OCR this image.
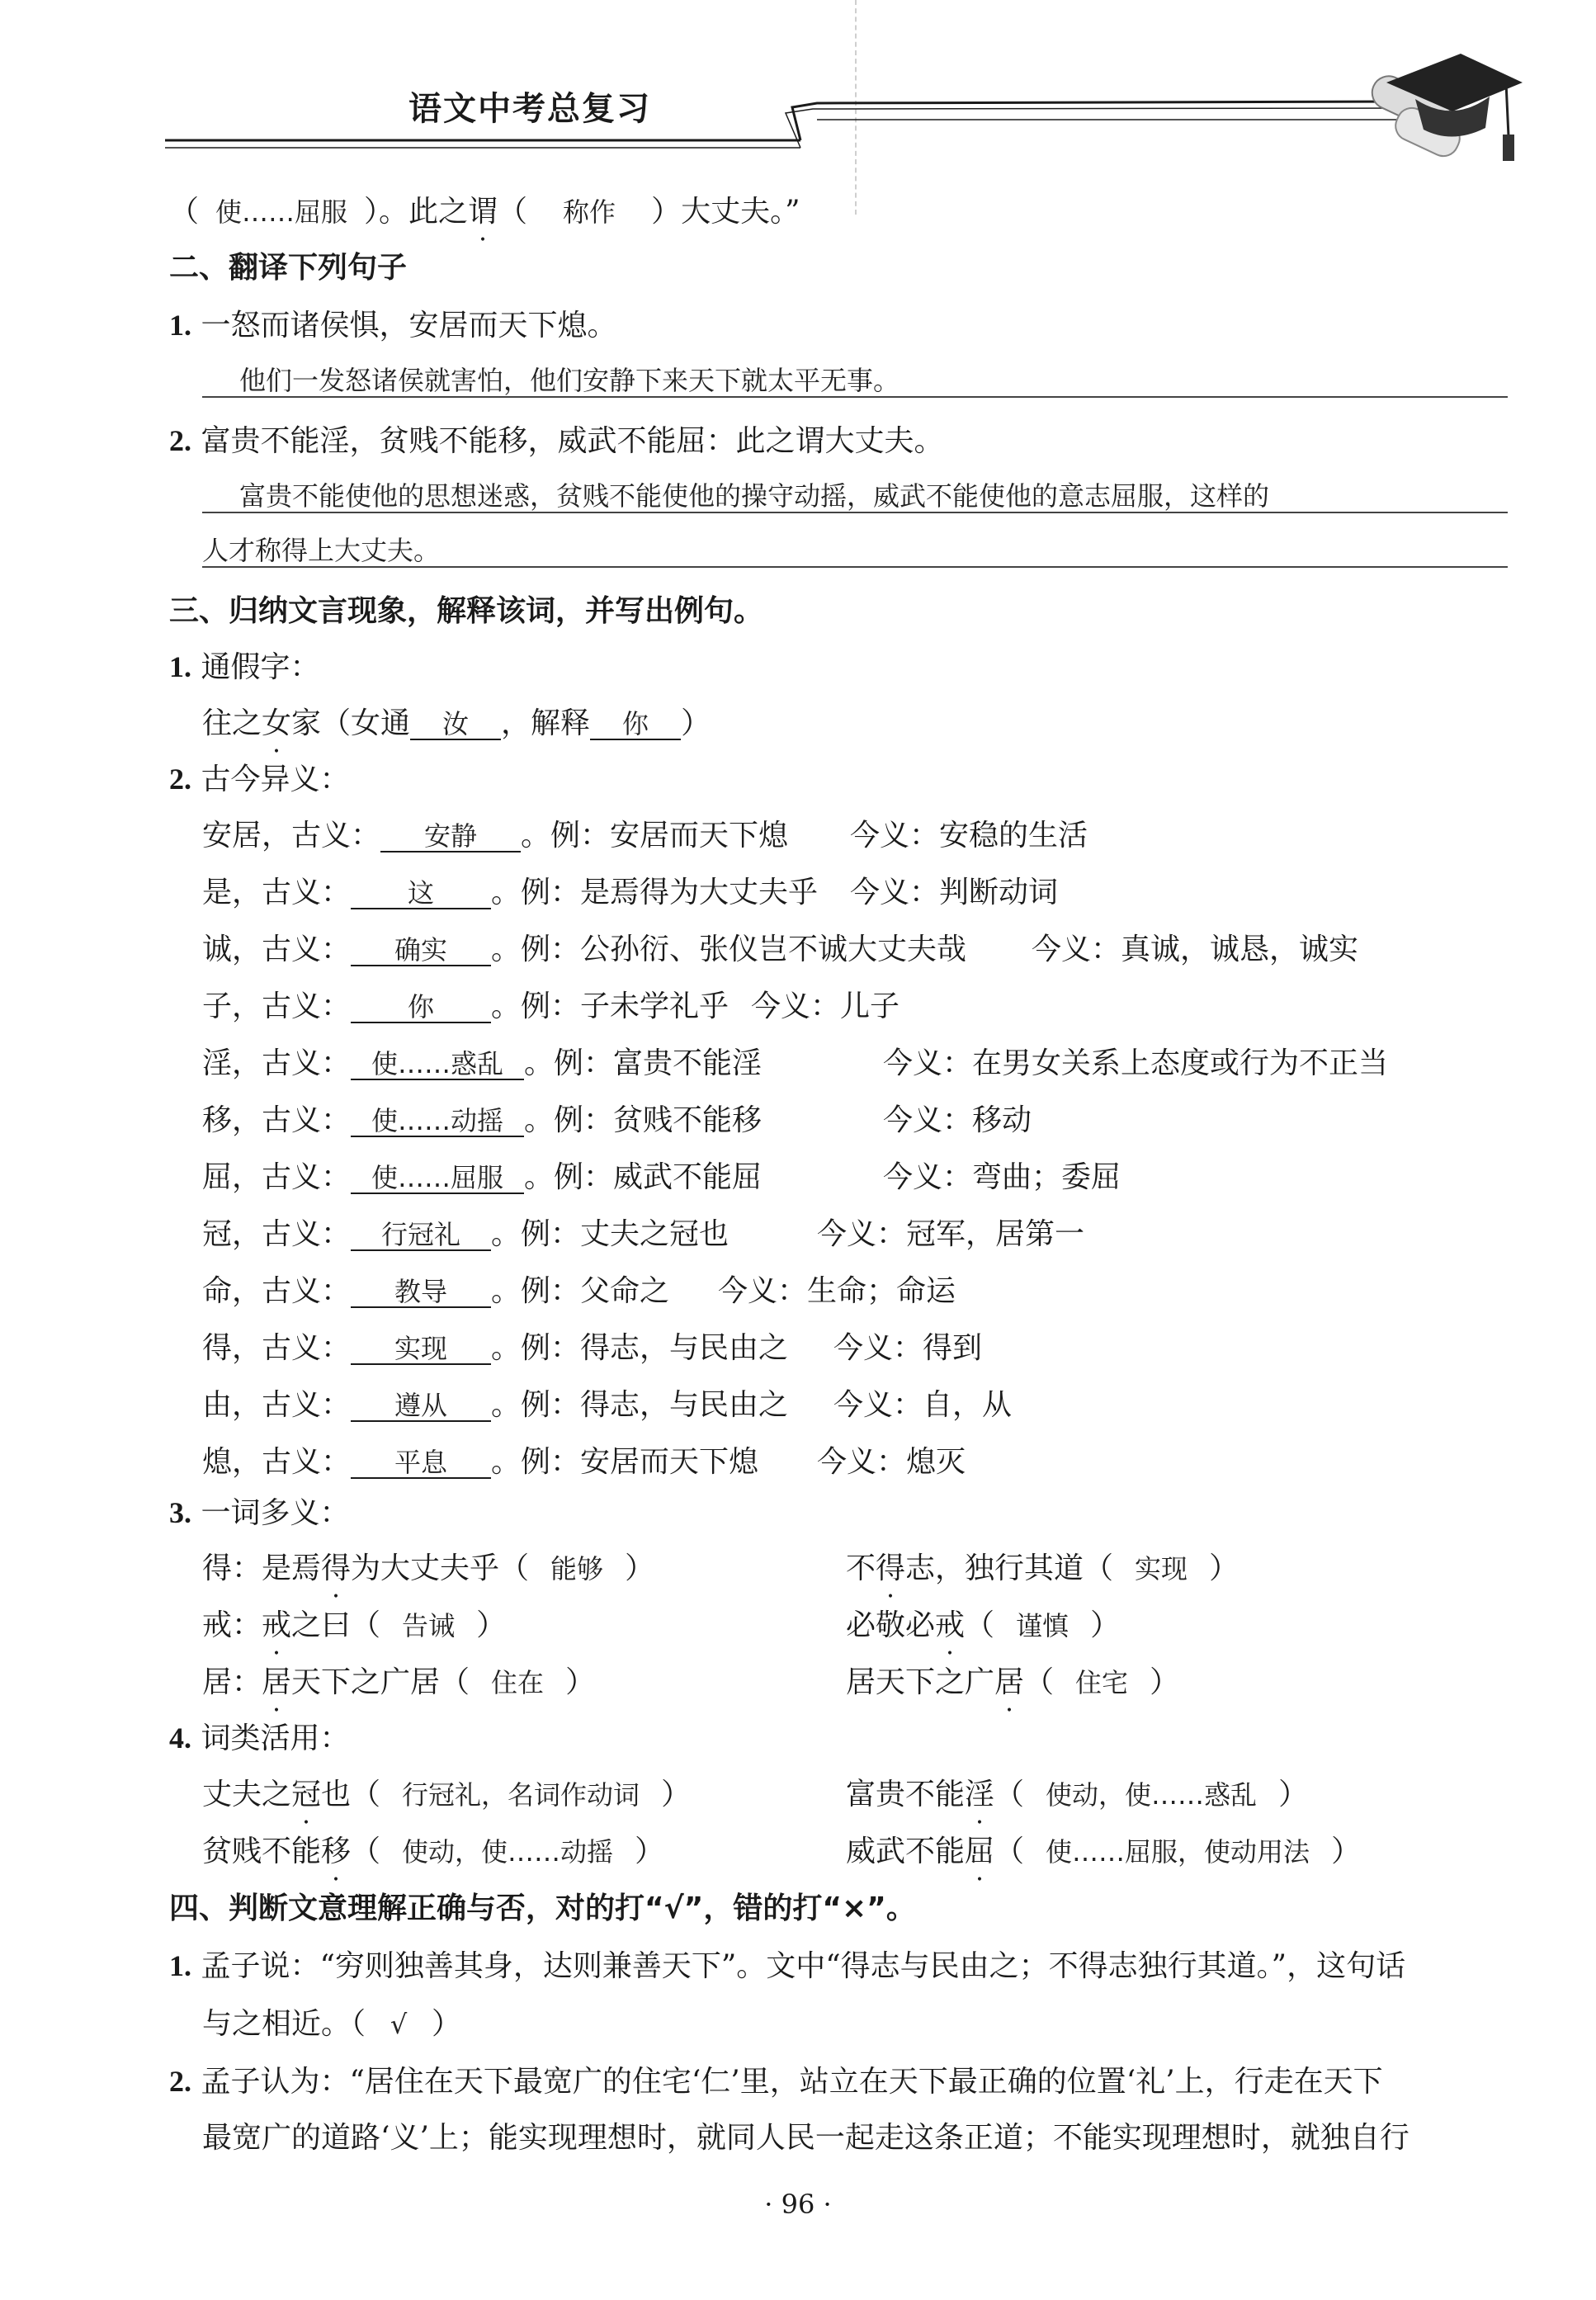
语文中考总复习
（ 使……屈服 ）。此之谓（ 称作 ）大丈夫。”
二、翻译下列句子
1. 一怒而诸侯惧，安居而天下熄。
他们一发怒诸侯就害怕，他们安静下来天下就太平无事。
2. 富贵不能淫，贫贱不能移，威武不能屈：此之谓大丈夫。
富贵不能使他的思想迷惑，贫贱不能使他的操守动摇，威武不能使他的意志屈服，这样的
人才称得上大丈夫。
三、归纳文言现象，解释该词，并写出例句。
1. 通假字：
往之女家（女通 汝 ，解释 你 ）
2. 古今异义：
安居，古义： 安静 。例：安居而天下熄 今义：安稳的生活
是，古义： 这 。例：是焉得为大丈夫乎 今义：判断动词
诚，古义： 确实 。例：公孙衍、张仪岂不诚大丈夫哉 今义：真诚，诚恳，诚实
子，古义： 你 。例：子未学礼乎 今义：儿子
淫，古义： 使……惑乱 。例：富贵不能淫	今义：在男女关系上态度或行为不正当
移，古义： 使……动摇 。例：贫贱不能移	今义：移动
屈，古义： 使……屈服 。例：威武不能屈	今义：弯曲；委屈
冠，古义： 行冠礼 。例：丈夫之冠也	今义：冠军，居第一
命，古义： 教导 。例：父命之 今义：生命；命运
得，古义： 实现 。例：得志，与民由之 今义：得到
由，古义： 遵从 。例：得志，与民由之 今义：自，从
熄，古义： 平息 。例：安居而天下熄 今义：熄灭
3. 一词多义：
得：是焉得为大丈夫乎（ 能够 ）	不得志，独行其道（ 实现 ）
戒：戒之曰（ 告诫 ）	必敬必戒（ 谨慎 ）
居：居天下之广居（ 住在 ）	居天下之广居（ 住宅 ）
4. 词类活用：
丈夫之冠也（ 行冠礼，名词作动词 ）	富贵不能淫（ 使动，使……惑乱 ）
贫贱不能移（ 使动，使……动摇 ）	威武不能屈（ 使……屈服，使动用法 ）
四、判断文意理解正确与否，对的打“√”，错的打“×”。
1. 孟子说：“穷则独善其身，达则兼善天下”。文中“得志与民由之；不得志独行其道。”，这句话
与之相近。（ √ ）
2. 孟子认为：“居住在天下最宽广的住宅‘仁’里，站立在天下最正确的位置‘礼’上，行走在天下
最宽广的道路‘义’上；能实现理想时，就同人民一起走这条正道；不能实现理想时，就独自行
· 96 ·
